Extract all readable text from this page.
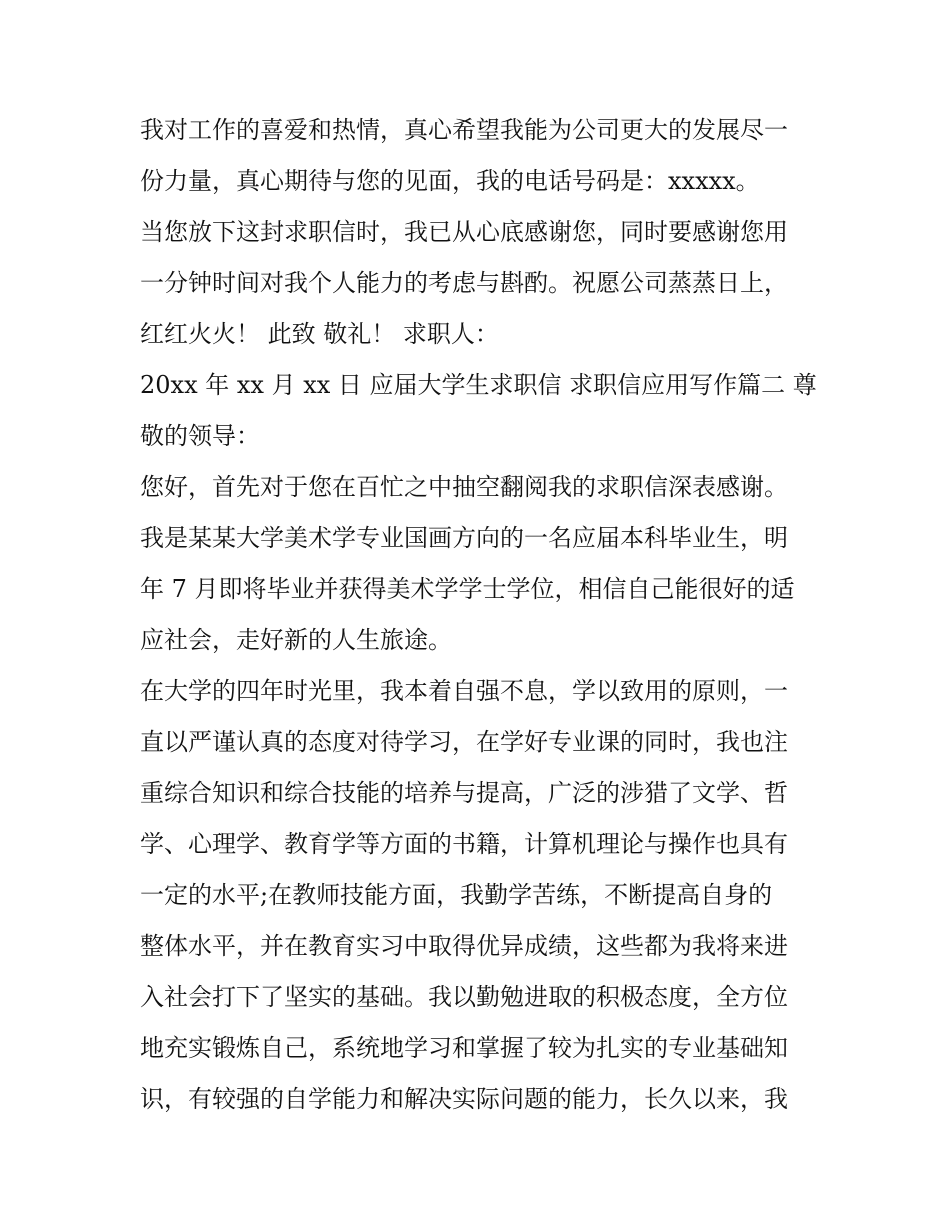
我对工作的喜爱和热情，真心希望我能为公司更大的发展尽一
份力量，真心期待与您的见面，我的电话号码是：xxxxx。
当您放下这封求职信时，我已从心底感谢您，同时要感谢您用
一分钟时间对我个人能力的考虑与斟酌。祝愿公司蒸蒸日上，
红红火火！ 此致 敬礼！ 求职人：
20xx 年 xx 月 xx 日 应届大学生求职信 求职信应用写作篇二 尊
敬的领导：
您好，首先对于您在百忙之中抽空翻阅我的求职信深表感谢。
我是某某大学美术学专业国画方向的一名应届本科毕业生，明
年 7 月即将毕业并获得美术学学士学位，相信自己能很好的适
应社会，走好新的人生旅途。
在大学的四年时光里，我本着自强不息，学以致用的原则，一
直以严谨认真的态度对待学习，在学好专业课的同时，我也注
重综合知识和综合技能的培养与提高，广泛的涉猎了文学、哲
学、心理学、教育学等方面的书籍，计算机理论与操作也具有
一定的水平;在教师技能方面，我勤学苦练，不断提高自身的
整体水平，并在教育实习中取得优异成绩，这些都为我将来进
入社会打下了坚实的基础。我以勤勉进取的积极态度，全方位
地充实锻炼自己，系统地学习和掌握了较为扎实的专业基础知
识，有较强的自学能力和解决实际问题的能力，长久以来，我
